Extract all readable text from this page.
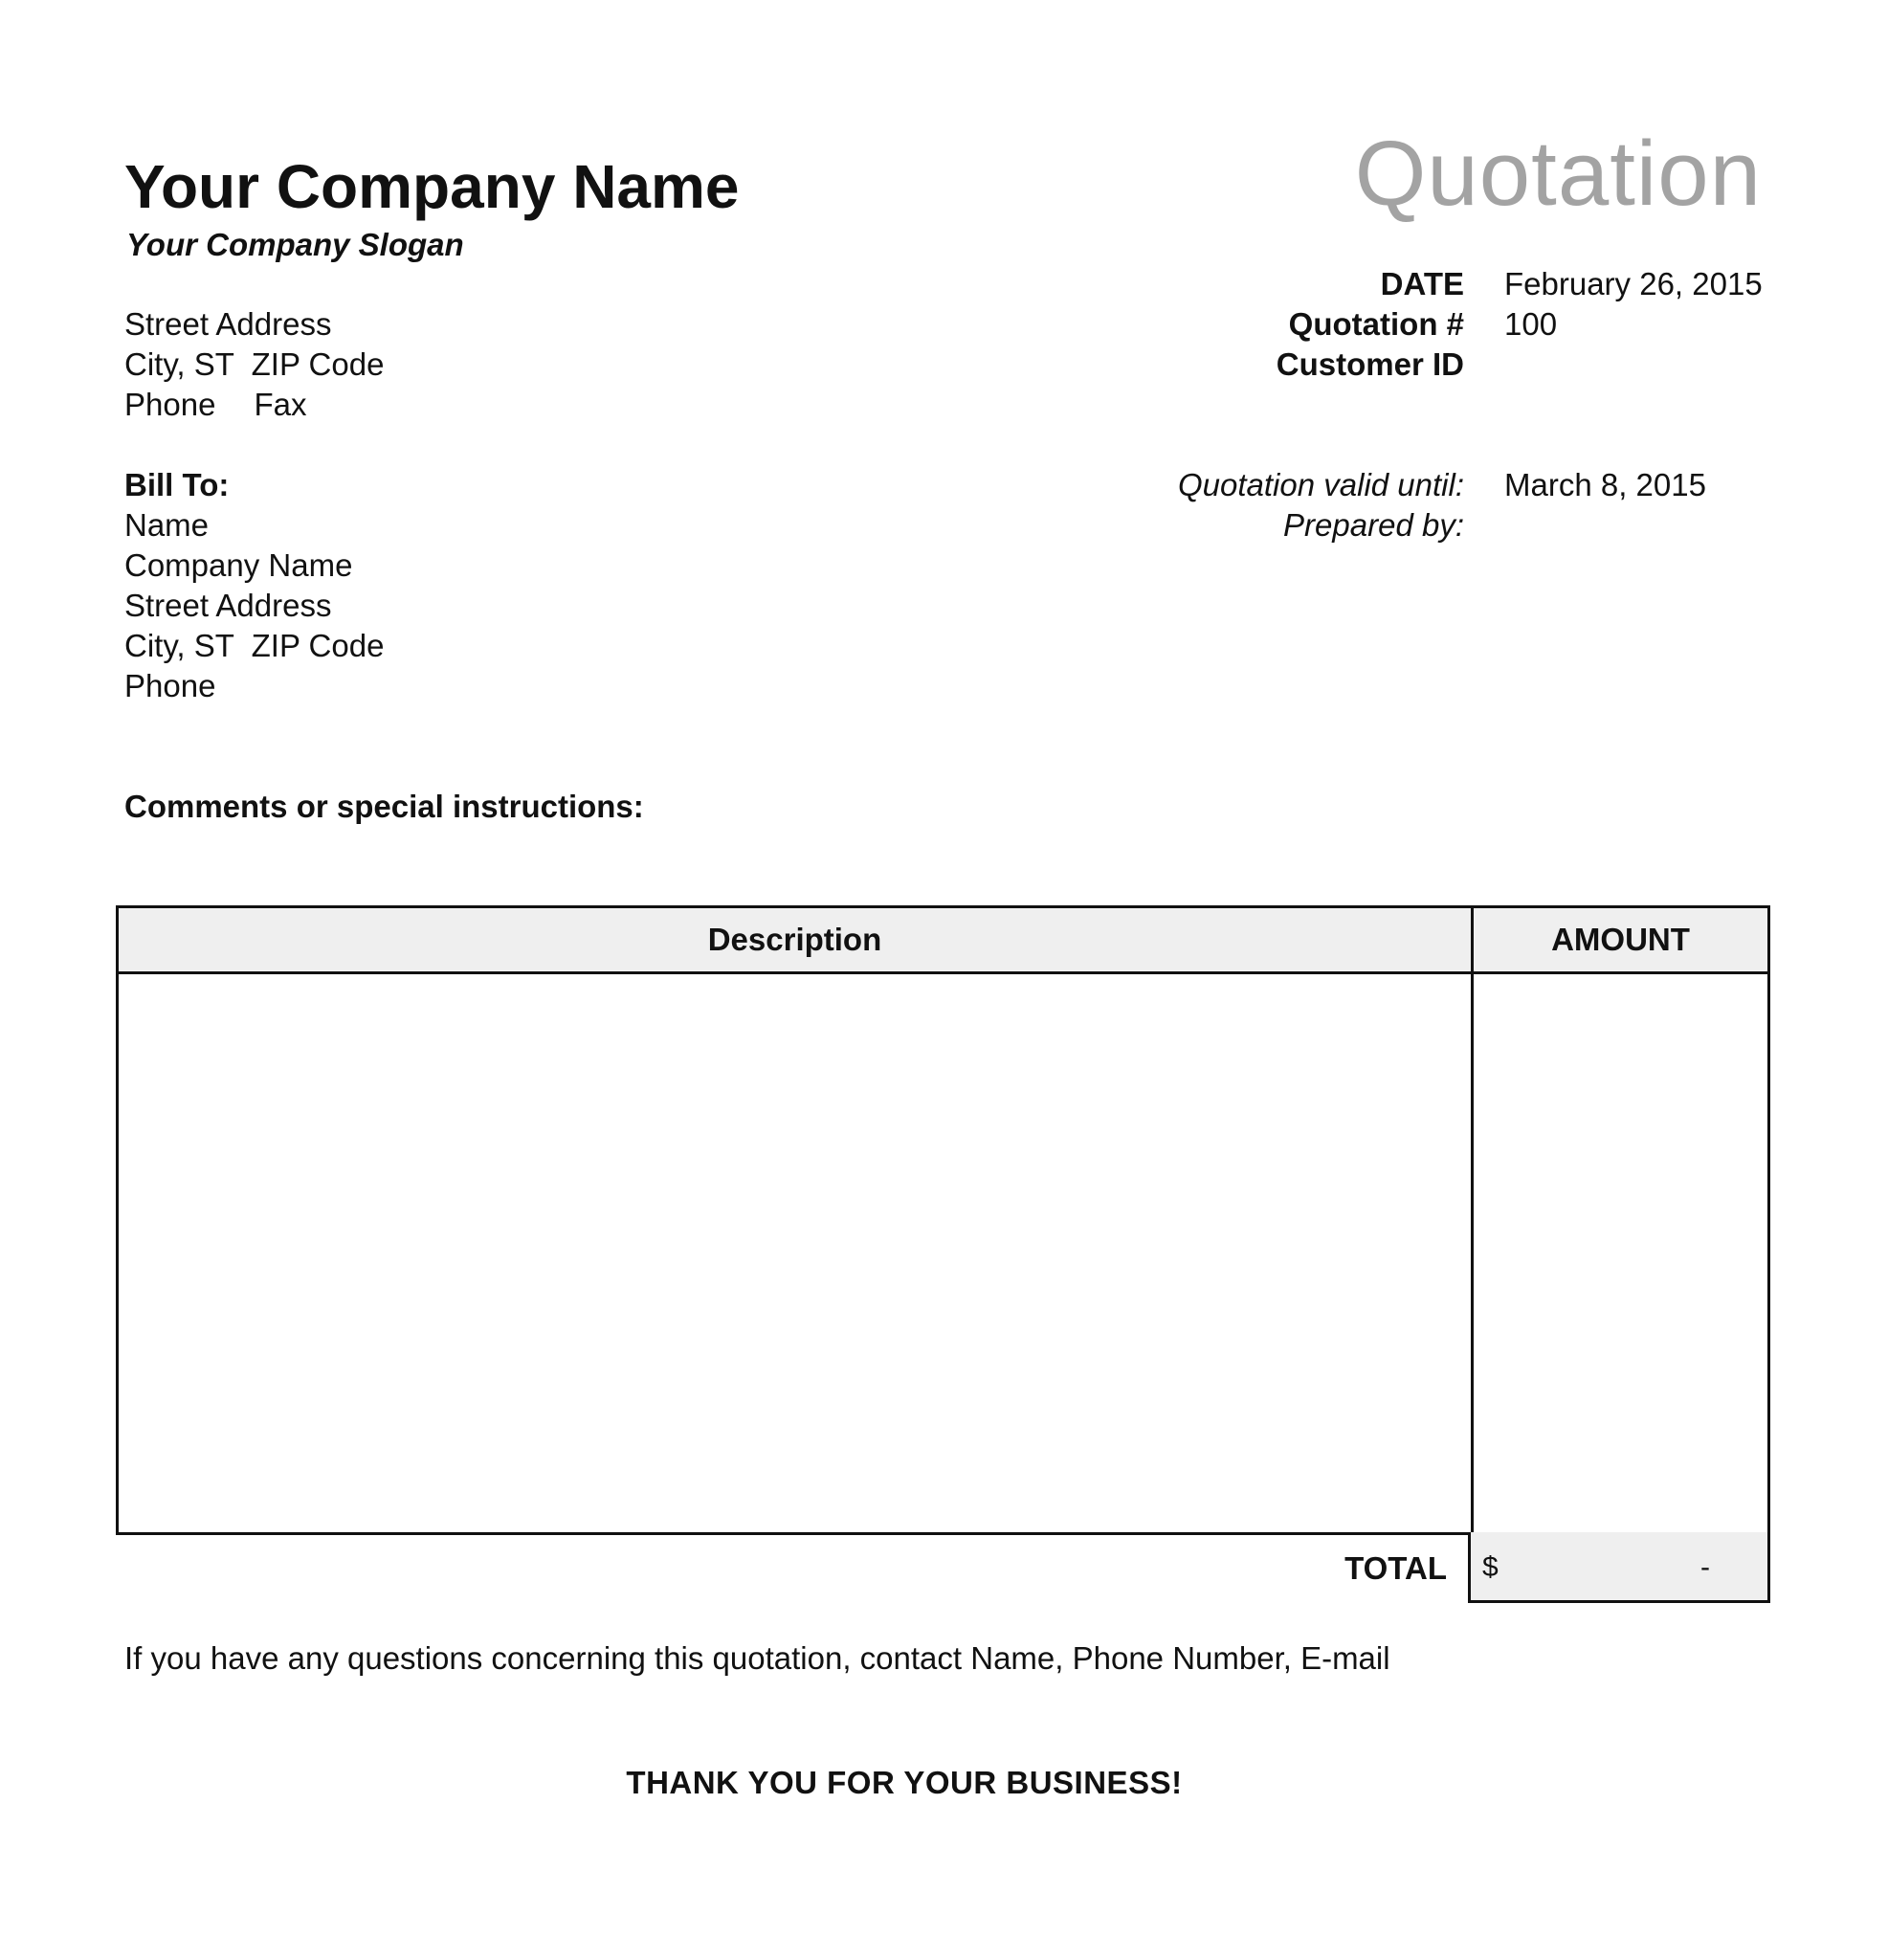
Your Company Name
Your Company Slogan
Quotation
Street Address
City, ST  ZIP Code
Phone Fax
DATE
Quotation #
Customer ID
February 26, 2015
100
Quotation valid until:
Prepared by:
March 8, 2015
Bill To:
Name
Company Name
Street Address
City, ST  ZIP Code
Phone
Comments or special instructions:
Description	AMOUNT
TOTAL $	-
If you have any questions concerning this quotation, contact Name, Phone Number, E-mail
THANK YOU FOR YOUR BUSINESS!
